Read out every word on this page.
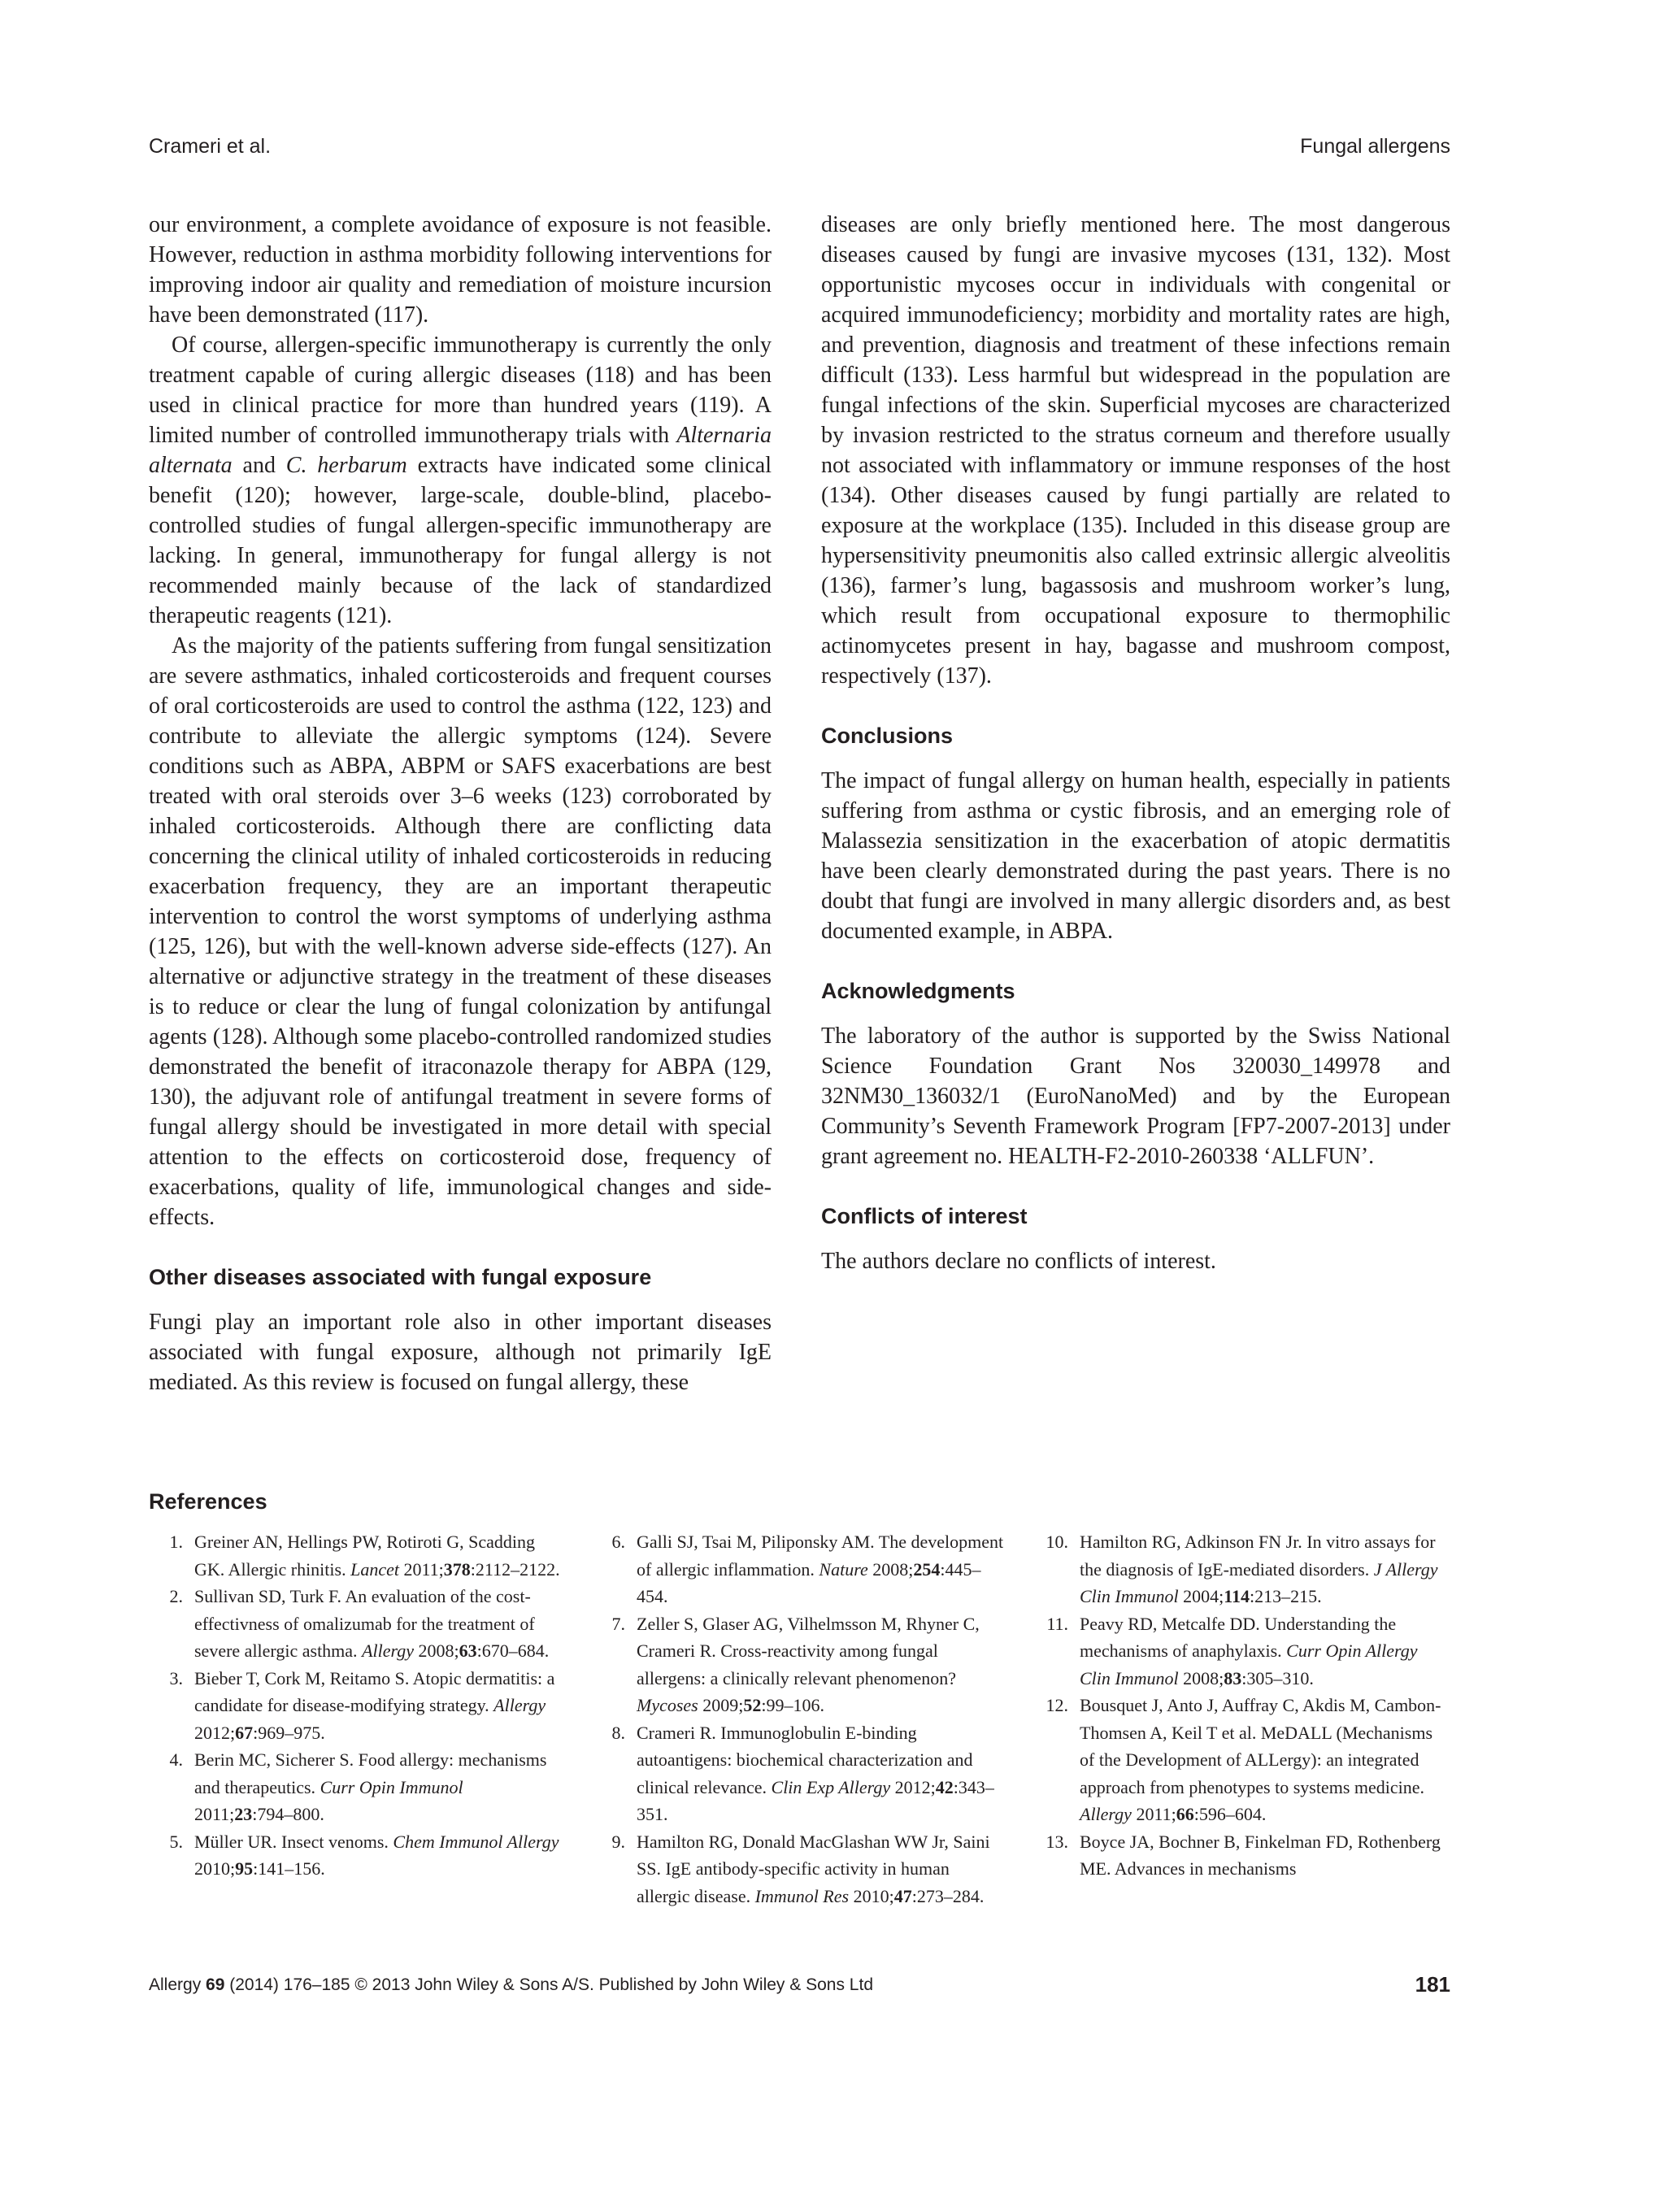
Crameri et al.	Fungal allergens

our environment, a complete avoidance of exposure is not feasible. However, reduction in asthma morbidity following interventions for improving indoor air quality and remediation of moisture incursion have been demonstrated (117).

Of course, allergen-specific immunotherapy is currently the only treatment capable of curing allergic diseases (118) and has been used in clinical practice for more than hundred years (119). A limited number of controlled immunotherapy trials with Alternaria alternata and C. herbarum extracts have indicated some clinical benefit (120); however, large-scale, double-blind, placebo-controlled studies of fungal allergen-specific immunotherapy are lacking. In general, immunotherapy for fungal allergy is not recommended mainly because of the lack of standardized therapeutic reagents (121).

As the majority of the patients suffering from fungal sensitization are severe asthmatics, inhaled corticosteroids and frequent courses of oral corticosteroids are used to control the asthma (122, 123) and contribute to alleviate the allergic symptoms (124). Severe conditions such as ABPA, ABPM or SAFS exacerbations are best treated with oral steroids over 3–6 weeks (123) corroborated by inhaled corticosteroids. Although there are conflicting data concerning the clinical utility of inhaled corticosteroids in reducing exacerbation frequency, they are an important therapeutic intervention to control the worst symptoms of underlying asthma (125, 126), but with the well-known adverse side-effects (127). An alternative or adjunctive strategy in the treatment of these diseases is to reduce or clear the lung of fungal colonization by antifungal agents (128). Although some placebo-controlled randomized studies demonstrated the benefit of itraconazole therapy for ABPA (129, 130), the adjuvant role of antifungal treatment in severe forms of fungal allergy should be investigated in more detail with special attention to the effects on corticosteroid dose, frequency of exacerbations, quality of life, immunological changes and side-effects.

Other diseases associated with fungal exposure

Fungi play an important role also in other important diseases associated with fungal exposure, although not primarily IgE mediated. As this review is focused on fungal allergy, these

diseases are only briefly mentioned here. The most dangerous diseases caused by fungi are invasive mycoses (131, 132). Most opportunistic mycoses occur in individuals with congenital or acquired immunodeficiency; morbidity and mortality rates are high, and prevention, diagnosis and treatment of these infections remain difficult (133). Less harmful but widespread in the population are fungal infections of the skin. Superficial mycoses are characterized by invasion restricted to the stratus corneum and therefore usually not associated with inflammatory or immune responses of the host (134). Other diseases caused by fungi partially are related to exposure at the workplace (135). Included in this disease group are hypersensitivity pneumonitis also called extrinsic allergic alveolitis (136), farmer’s lung, bagassosis and mushroom worker’s lung, which result from occupational exposure to thermophilic actinomycetes present in hay, bagasse and mushroom compost, respectively (137).

Conclusions

The impact of fungal allergy on human health, especially in patients suffering from asthma or cystic fibrosis, and an emerging role of Malassezia sensitization in the exacerbation of atopic dermatitis have been clearly demonstrated during the past years. There is no doubt that fungi are involved in many allergic disorders and, as best documented example, in ABPA.

Acknowledgments

The laboratory of the author is supported by the Swiss National Science Foundation Grant Nos 320030_149978 and 32NM30_136032/1 (EuroNanoMed) and by the European Community’s Seventh Framework Program [FP7-2007-2013] under grant agreement no. HEALTH-F2-2010-260338 ‘ALLFUN’.

Conflicts of interest

The authors declare no conflicts of interest.

References
1. Greiner AN, Hellings PW, Rotiroti G, Scadding GK. Allergic rhinitis. Lancet 2011;378:2112–2122.
2. Sullivan SD, Turk F. An evaluation of the cost-effectivness of omalizumab for the treatment of severe allergic asthma. Allergy 2008;63:670–684.
3. Bieber T, Cork M, Reitamo S. Atopic dermatitis: a candidate for disease-modifying strategy. Allergy 2012;67:969–975.
4. Berin MC, Sicherer S. Food allergy: mechanisms and therapeutics. Curr Opin Immunol 2011;23:794–800.
5. Müller UR. Insect venoms. Chem Immunol Allergy 2010;95:141–156.
6. Galli SJ, Tsai M, Piliponsky AM. The development of allergic inflammation. Nature 2008;254:445–454.
7. Zeller S, Glaser AG, Vilhelmsson M, Rhyner C, Crameri R. Cross-reactivity among fungal allergens: a clinically relevant phenomenon? Mycoses 2009;52:99–106.
8. Crameri R. Immunoglobulin E-binding autoantigens: biochemical characterization and clinical relevance. Clin Exp Allergy 2012;42:343–351.
9. Hamilton RG, Donald MacGlashan WW Jr, Saini SS. IgE antibody-specific activity in human allergic disease. Immunol Res 2010;47:273–284.
10. Hamilton RG, Adkinson FN Jr. In vitro assays for the diagnosis of IgE-mediated disorders. J Allergy Clin Immunol 2004;114:213–215.
11. Peavy RD, Metcalfe DD. Understanding the mechanisms of anaphylaxis. Curr Opin Allergy Clin Immunol 2008;83:305–310.
12. Bousquet J, Anto J, Auffray C, Akdis M, Cambon-Thomsen A, Keil T et al. MeDALL (Mechanisms of the Development of ALLergy): an integrated approach from phenotypes to systems medicine. Allergy 2011;66:596–604.
13. Boyce JA, Bochner B, Finkelman FD, Rothenberg ME. Advances in mechanisms
Allergy 69 (2014) 176–185 © 2013 John Wiley & Sons A/S. Published by John Wiley & Sons Ltd	181
